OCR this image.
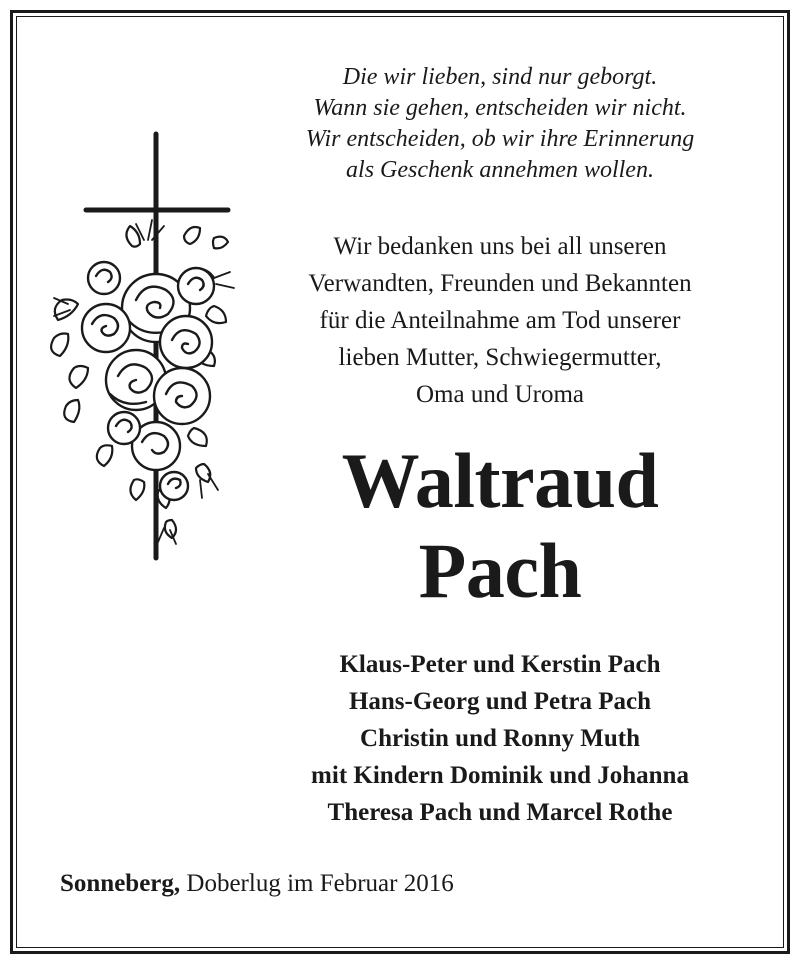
Die wir lieben, sind nur geborgt.
Wann sie gehen, entscheiden wir nicht.
Wir entscheiden, ob wir ihre Erinnerung
als Geschenk annehmen wollen.
Wir bedanken uns bei all unseren
Verwandten, Freunden und Bekannten
für die Anteilnahme am Tod unserer
lieben Mutter, Schwiegermutter,
Oma und Uroma
Waltraud
Pach
Klaus-Peter und Kerstin Pach
Hans-Georg und Petra Pach
Christin und Ronny Muth
mit Kindern Dominik und Johanna
Theresa Pach und Marcel Rothe
Sonneberg, Doberlug im Februar 2016
